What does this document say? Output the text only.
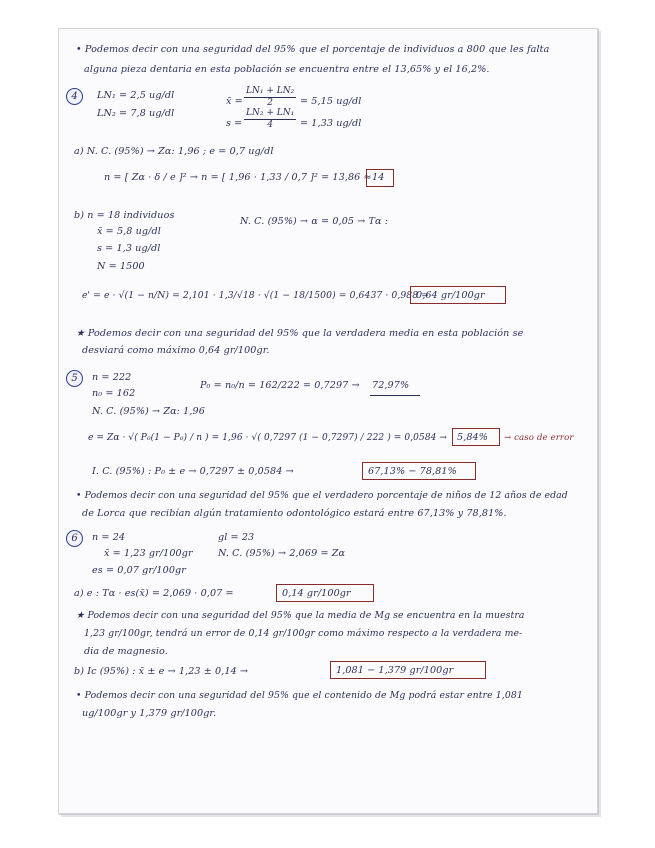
• Podemos decir con una seguridad del 95% que el porcentaje de individuos a 800 que les falta
alguna pieza dentaria en esta población se encuentra entre el 13,65% y el 16,2%.
4	LN₁ = 2,5 ug/dl
LN₂ = 7,8 ug/dl
x̄ = $\frac{\text{LN₁ + LN₂}}{2} = 5,15$ ug/dl
$s = \frac{\text{LN₂ + LN₁}}{4} = 1,33$ ug/dl
a) N. C. (95%) → Zα: 1,96 ; e = 0,7 ug/dl
n = [ Zα · δ / e ]² → n = [ 1,96 · 1,33 / 0,7 ]² = 13,86 ≈ 14
b) n = 18 individuos
x̄ = 5,8 ug/dl
s = 1,3 ug/dl
N = 1500
N. C. (95%) → α = 0,05 → Tα :
e' = e · √(1 − n/N) = 2,101 · 1,3/√18 · √(1 − 18/1500) = 0,6437 · 0,988 =
0,64 gr/100gr
★ Podemos decir con una seguridad del 95% que la verdadera media en esta población se
desviará como máximo 0,64 gr/100gr.
5	n = 222
n₀ = 162
P₀ = n₀/n = 162/222 = 0,7297 → 72,97%
N. C. (95%) → Zα: 1,96
e = Zα · √( P₀(1 − P₀) / n ) = 1,96 · √( 0,7297 (1 − 0,7297) / 222 ) = 0,0584 → 5,84% → caso de error
I. C. (95%) : P₀ ± e → 0,7297 ± 0,0584 →	67,13% − 78,81%
• Podemos decir con una seguridad del 95% que el verdadero porcentaje de niños de 12 años de edad
de Lorca que recibían algún tratamiento odontológico estará entre 67,13% y 78,81%.
6	n = 24
x̄ = 1,23 gr/100gr
es = 0,07 gr/100gr
gl = 23
N. C. (95%) → 2,069 = Zα
a) e : Tα · es(x̄) = 2,069 · 0,07 =	0,14 gr/100gr
★ Podemos decir con una seguridad del 95% que la media de Mg se encuentra en la muestra
1,23 gr/100gr, tendrá un error de 0,14 gr/100gr como máximo respecto a la verdadera me-
dia de magnesio.
b) Ic (95%) : x̄ ± e → 1,23 ± 0,14 →	1,081 − 1,379 gr/100gr
• Podemos decir con una seguridad del 95% que el contenido de Mg podrá estar entre 1,081
ug/100gr y 1,379 gr/100gr.
